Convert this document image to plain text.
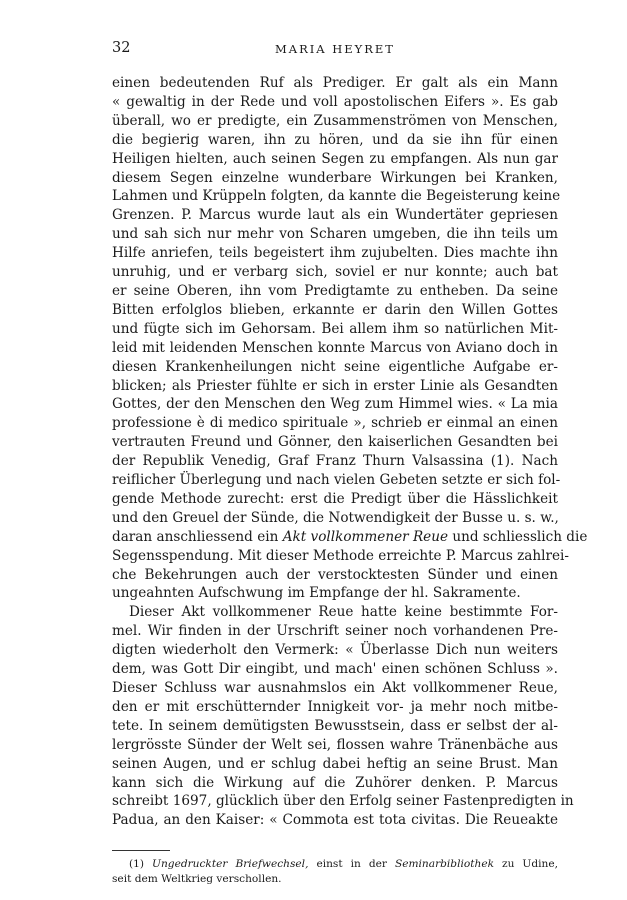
32	MARIA HEYRET
einen bedeutenden Ruf als Prediger. Er galt als ein Mann
« gewaltig in der Rede und voll apostolischen Eifers ». Es gab
überall, wo er predigte, ein Zusammenströmen von Menschen,
die begierig waren, ihn zu hören, und da sie ihn für einen
Heiligen hielten, auch seinen Segen zu empfangen. Als nun gar
diesem Segen einzelne wunderbare Wirkungen bei Kranken,
Lahmen und Krüppeln folgten, da kannte die Begeisterung keine
Grenzen. P. Marcus wurde laut als ein Wundertäter gepriesen
und sah sich nur mehr von Scharen umgeben, die ihn teils um
Hilfe anriefen, teils begeistert ihm zujubelten. Dies machte ihn
unruhig, und er verbarg sich, soviel er nur konnte; auch bat
er seine Oberen, ihn vom Predigtamte zu entheben. Da seine
Bitten erfolglos blieben, erkannte er darin den Willen Gottes
und fügte sich im Gehorsam. Bei allem ihm so natürlichen Mit-
leid mit leidenden Menschen konnte Marcus von Aviano doch in
diesen Krankenheilungen nicht seine eigentliche Aufgabe er-
blicken; als Priester fühlte er sich in erster Linie als Gesandten
Gottes, der den Menschen den Weg zum Himmel wies. « La mia
professione è di medico spirituale », schrieb er einmal an einen
vertrauten Freund und Gönner, den kaiserlichen Gesandten bei
der Republik Venedig, Graf Franz Thurn Valsassina (1). Nach
reiflicher Überlegung und nach vielen Gebeten setzte er sich fol-
gende Methode zurecht: erst die Predigt über die Hässlichkeit
und den Greuel der Sünde, die Notwendigkeit der Busse u. s. w.,
daran anschliessend ein Akt vollkommener Reue und schliesslich die
Segensspendung. Mit dieser Methode erreichte P. Marcus zahlrei-
che Bekehrungen auch der verstocktesten Sünder und einen
ungeahnten Aufschwung im Empfange der hl. Sakramente.
Dieser Akt vollkommener Reue hatte keine bestimmte For-
mel. Wir finden in der Urschrift seiner noch vorhandenen Pre-
digten wiederholt den Vermerk: « Überlasse Dich nun weiters
dem, was Gott Dir eingibt, und mach' einen schönen Schluss ».
Dieser Schluss war ausnahmslos ein Akt vollkommener Reue,
den er mit erschütternder Innigkeit vor- ja mehr noch mitbe-
tete. In seinem demütigsten Bewusstsein, dass er selbst der al-
lergrösste Sünder der Welt sei, flossen wahre Tränenbäche aus
seinen Augen, und er schlug dabei heftig an seine Brust. Man
kann sich die Wirkung auf die Zuhörer denken. P. Marcus
schreibt 1697, glücklich über den Erfolg seiner Fastenpredigten in
Padua, an den Kaiser: « Commota est tota civitas. Die Reueakte
(1) Ungedruckter Briefwechsel, einst in der Seminarbibliothek zu Udine,
seit dem Weltkrieg verschollen.
